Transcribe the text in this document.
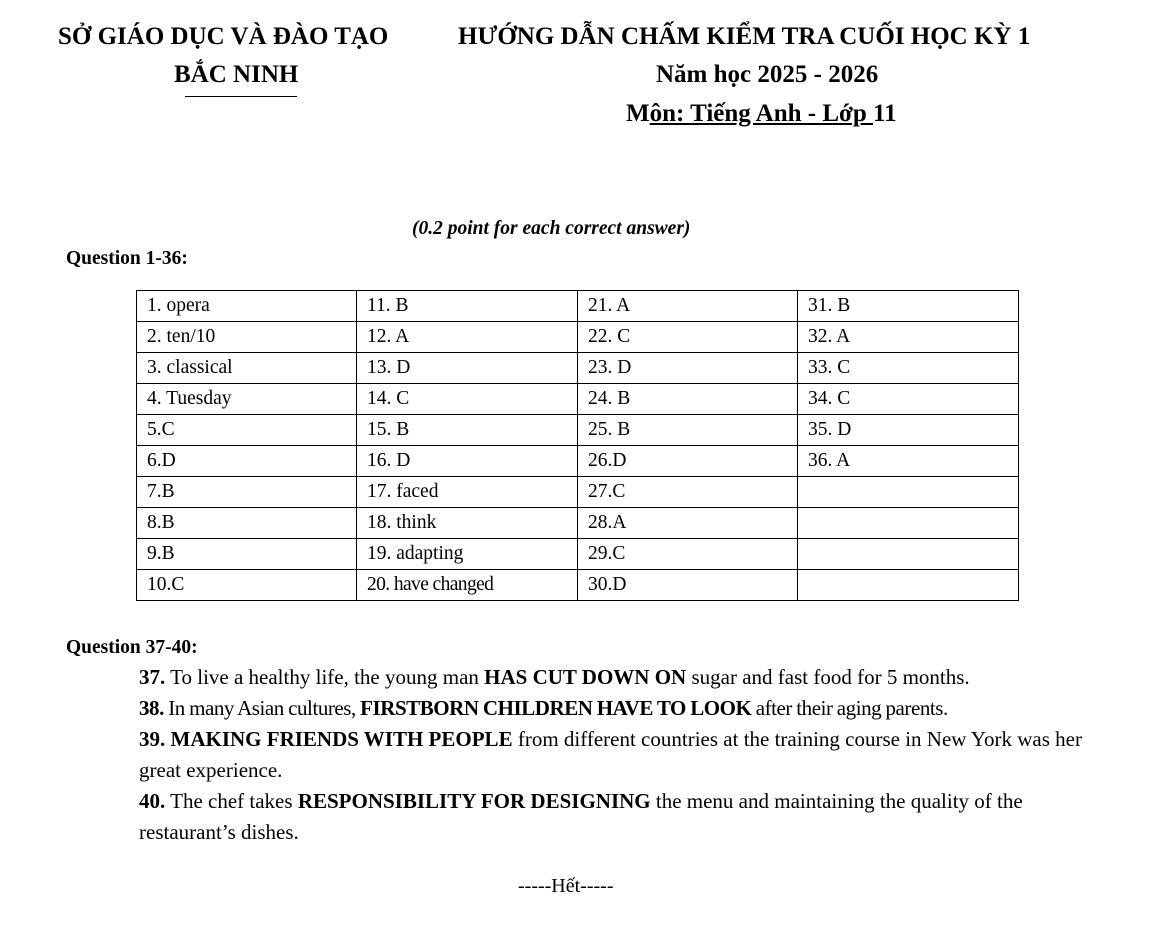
SỞ GIÁO DỤC VÀ ĐÀO TẠO
BẮC NINH
HƯỚNG DẪN CHẤM KIỂM TRA CUỐI HỌC KỲ 1
Năm học 2025 - 2026
Môn: Tiếng Anh - Lớp 11
(0.2 point for each correct answer)
Question 1-36:
1. opera	11. B	21. A	31. B
2. ten/10	12. A	22. C	32. A
3. classical	13. D	23. D	33. C
4. Tuesday	14. C	24. B	34. C
5.C	15. B	25. B	35. D
6.D	16. D	26.D	36. A
7.B	17. faced	27.C	
8.B	18. think	28.A	
9.B	19. adapting	29.C	
10.C	20. have changed	30.D	
Question 37-40:

37. To live a healthy life, the young man HAS CUT DOWN ON sugar and fast food for 5 months.

38. In many Asian cultures, FIRSTBORN CHILDREN HAVE TO LOOK after their aging parents.

39. MAKING FRIENDS WITH PEOPLE from different countries at the training course in New York was her great experience.

40. The chef takes RESPONSIBILITY FOR DESIGNING the menu and maintaining the quality of the restaurant’s dishes.

-----Hết-----
